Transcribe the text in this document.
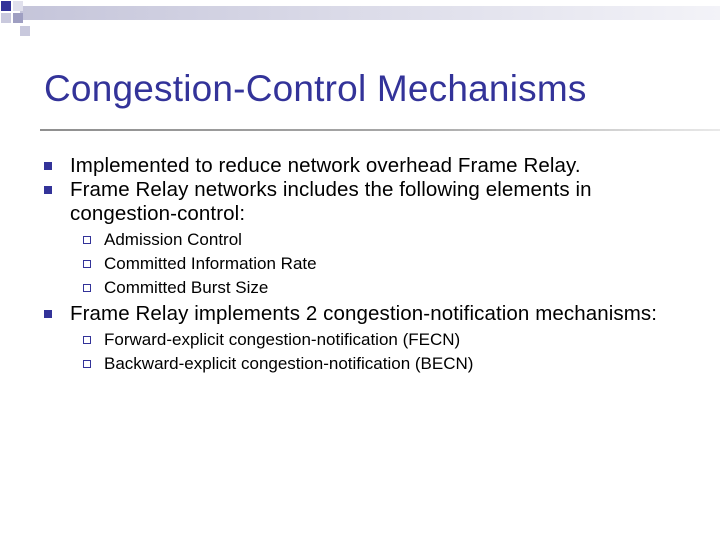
Congestion-Control Mechanisms
Implemented to reduce network overhead Frame Relay.
Frame Relay networks includes the following elements in congestion-control:
Admission Control
Committed Information Rate
Committed Burst Size
Frame Relay implements 2 congestion-notification mechanisms:
Forward-explicit congestion-notification (FECN)
Backward-explicit congestion-notification (BECN)
